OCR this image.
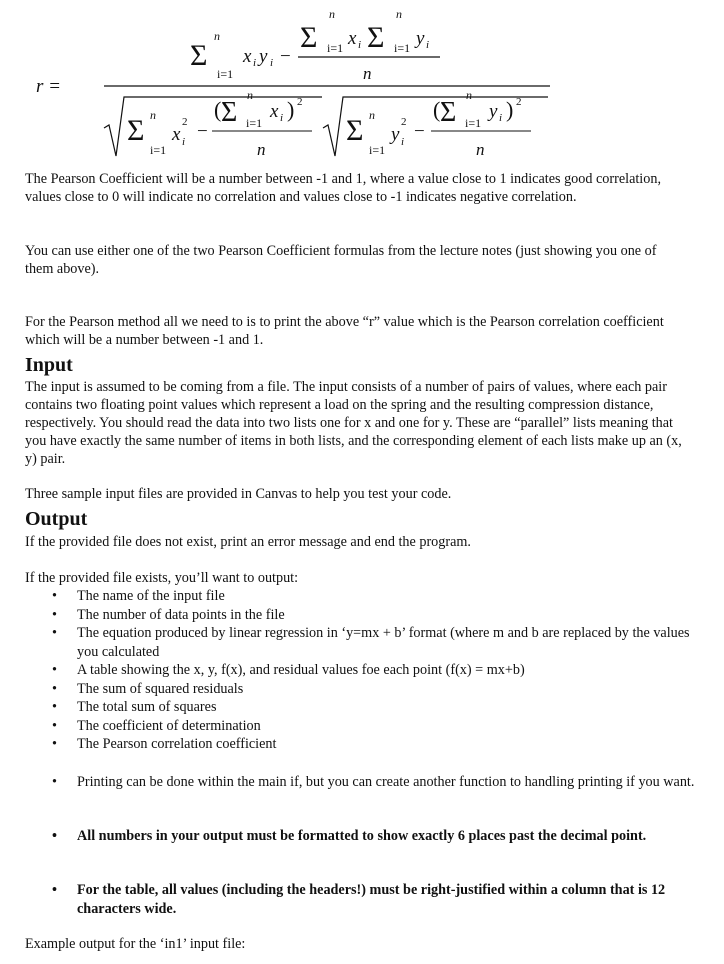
r =
Σ
n
i=1
x i y i −
Σ
n
i=1 x i Σ
n
i=1 y i
n
Σ n
i=1
x
2
i −
( Σ
n
i=1
x i ) 2
n
Σ n
i=1
y
2
i −
( Σ
n
i=1
y i ) 2
n

The Pearson Coefficient will be a number between -1 and 1, where a value close to 1 indicates good correlation, values close to 0 will indicate no correlation and values close to -1 indicates negative correlation.

You can use either one of the two Pearson Coefficient formulas from the lecture notes (just showing you one of them above).

For the Pearson method all we need to is to print the above “r” value which is the Pearson correlation coefficient which will be a number between -1 and 1.

Input

The input is assumed to be coming from a file. The input consists of a number of pairs of values, where each pair contains two floating point values which represent a load on the spring and the resulting compression distance, respectively. You should read the data into two lists one for x and one for y. These are “parallel” lists meaning that you have exactly the same number of items in both lists, and the corresponding element of each lists make up an (x, y) pair.

Three sample input files are provided in Canvas to help you test your code.

Output

If the provided file does not exist, print an error message and end the program.

If the provided file exists, you’ll want to output:

• The name of the input file
• The number of data points in the file
• The equation produced by linear regression in ‘y=mx + b’ format (where m and b are replaced by the values you calculated
• A table showing the x, y, f(x), and residual values foe each point (f(x) = mx+b)
• The sum of squared residuals
• The total sum of squares
• The coefficient of determination
• The Pearson correlation coefficient
• Printing can be done within the main if, but you can create another function to handling printing if you want.
• All numbers in your output must be formatted to show exactly 6 places past the decimal point.
• For the table, all values (including the headers!) must be right-justified within a column that is 12 characters wide.

Example output for the ‘in1’ input file:
